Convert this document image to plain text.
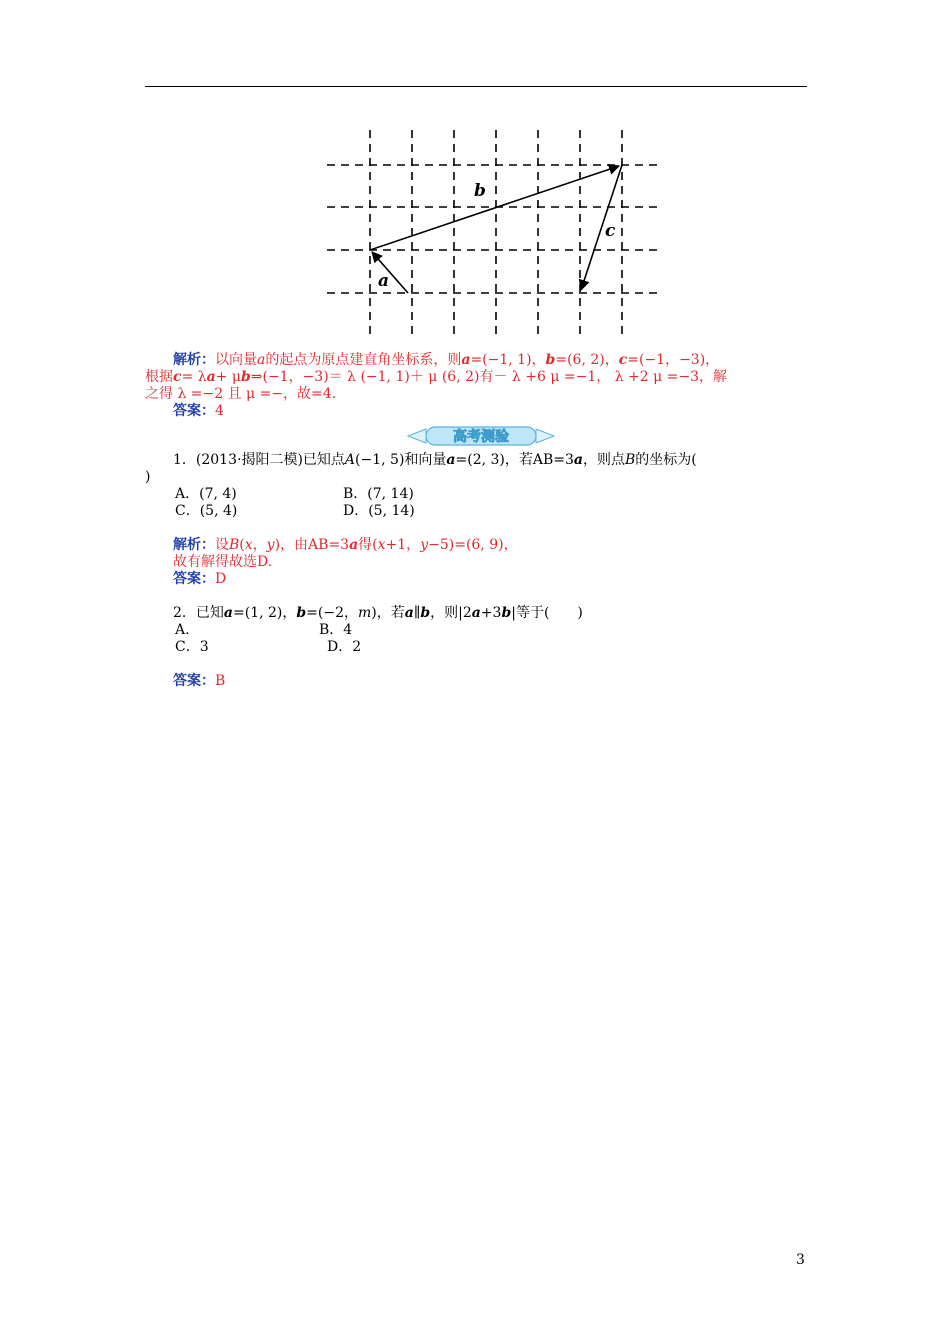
a
b
c
解析：以向量a的起点为原点建直角坐标系，则a=(−1, 1)，b=(6, 2)，c=(−1，−3)，
根据c= λa+ μb⇒(−1，−3)＝ λ (−1, 1)＋ μ (6, 2)有－ λ +6 μ =−1， λ +2 μ =−3，解
之得 λ =−2 且 μ =−，故=4.
答案：4
高考测验
1．(2013·揭阳二模)已知点A(−1, 5)和向量a=(2, 3)，若AB=3a，则点B的坐标为(
)
A．(7, 4)	B．(7, 14)
C．(5, 4)	D．(5, 14)
解析：设B(x，y)，由AB=3a得(x+1，y−5)=(6, 9)，
故有解得故选D.
答案：D
2．已知a=(1, 2)，b=(−2，m)，若a∥b，则|2a+3b|等于(　　)
A.	B．4
C．3	D．2
答案：B
3
